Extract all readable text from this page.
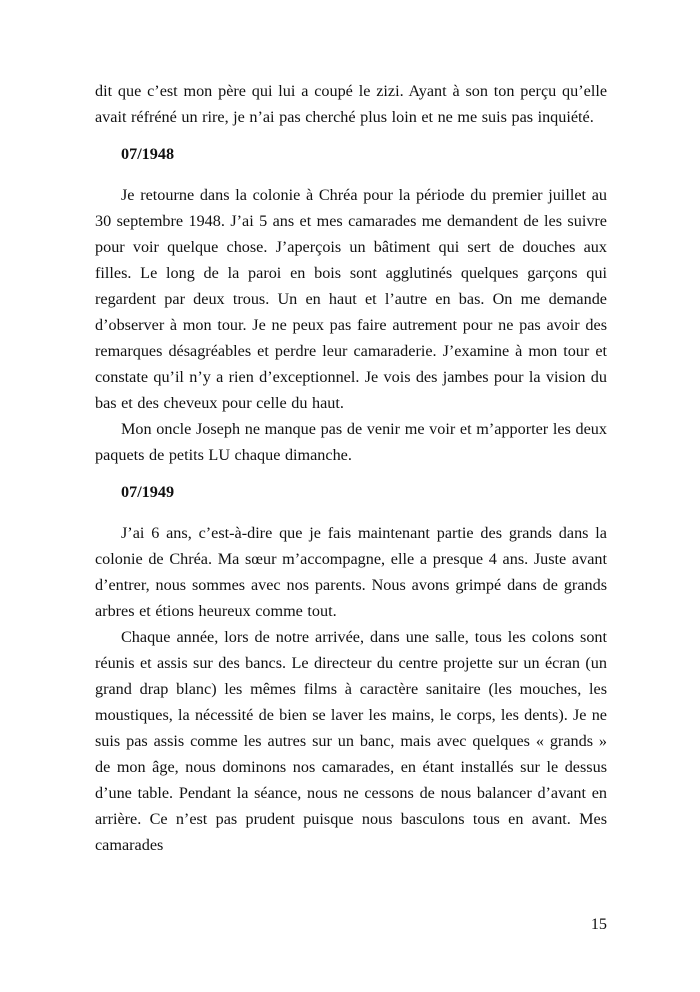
dit que c’est mon père qui lui a coupé le zizi. Ayant à son ton perçu qu’elle avait réfréné un rire, je n’ai pas cherché plus loin et ne me suis pas inquiété.

07/1948

Je retourne dans la colonie à Chréa pour la période du premier juillet au 30 septembre 1948. J’ai 5 ans et mes camarades me demandent de les suivre pour voir quelque chose. J’aperçois un bâtiment qui sert de douches aux filles. Le long de la paroi en bois sont agglutinés quelques garçons qui regardent par deux trous. Un en haut et l’autre en bas. On me demande d’observer à mon tour. Je ne peux pas faire autrement pour ne pas avoir des remarques désagréables et perdre leur camaraderie. J’examine à mon tour et constate qu’il n’y a rien d’exceptionnel. Je vois des jambes pour la vision du bas et des cheveux pour celle du haut.

Mon oncle Joseph ne manque pas de venir me voir et m’apporter les deux paquets de petits LU chaque dimanche.

07/1949

J’ai 6 ans, c’est-à-dire que je fais maintenant partie des grands dans la colonie de Chréa. Ma sœur m’accompagne, elle a presque 4 ans. Juste avant d’entrer, nous sommes avec nos parents. Nous avons grimpé dans de grands arbres et étions heureux comme tout.

Chaque année, lors de notre arrivée, dans une salle, tous les colons sont réunis et assis sur des bancs. Le directeur du centre projette sur un écran (un grand drap blanc) les mêmes films à caractère sanitaire (les mouches, les moustiques, la nécessité de bien se laver les mains, le corps, les dents). Je ne suis pas assis comme les autres sur un banc, mais avec quelques « grands » de mon âge, nous dominons nos camarades, en étant installés sur le dessus d’une table. Pendant la séance, nous ne cessons de nous balancer d’avant en arrière. Ce n’est pas prudent puisque nous basculons tous en avant. Mes camarades

15
